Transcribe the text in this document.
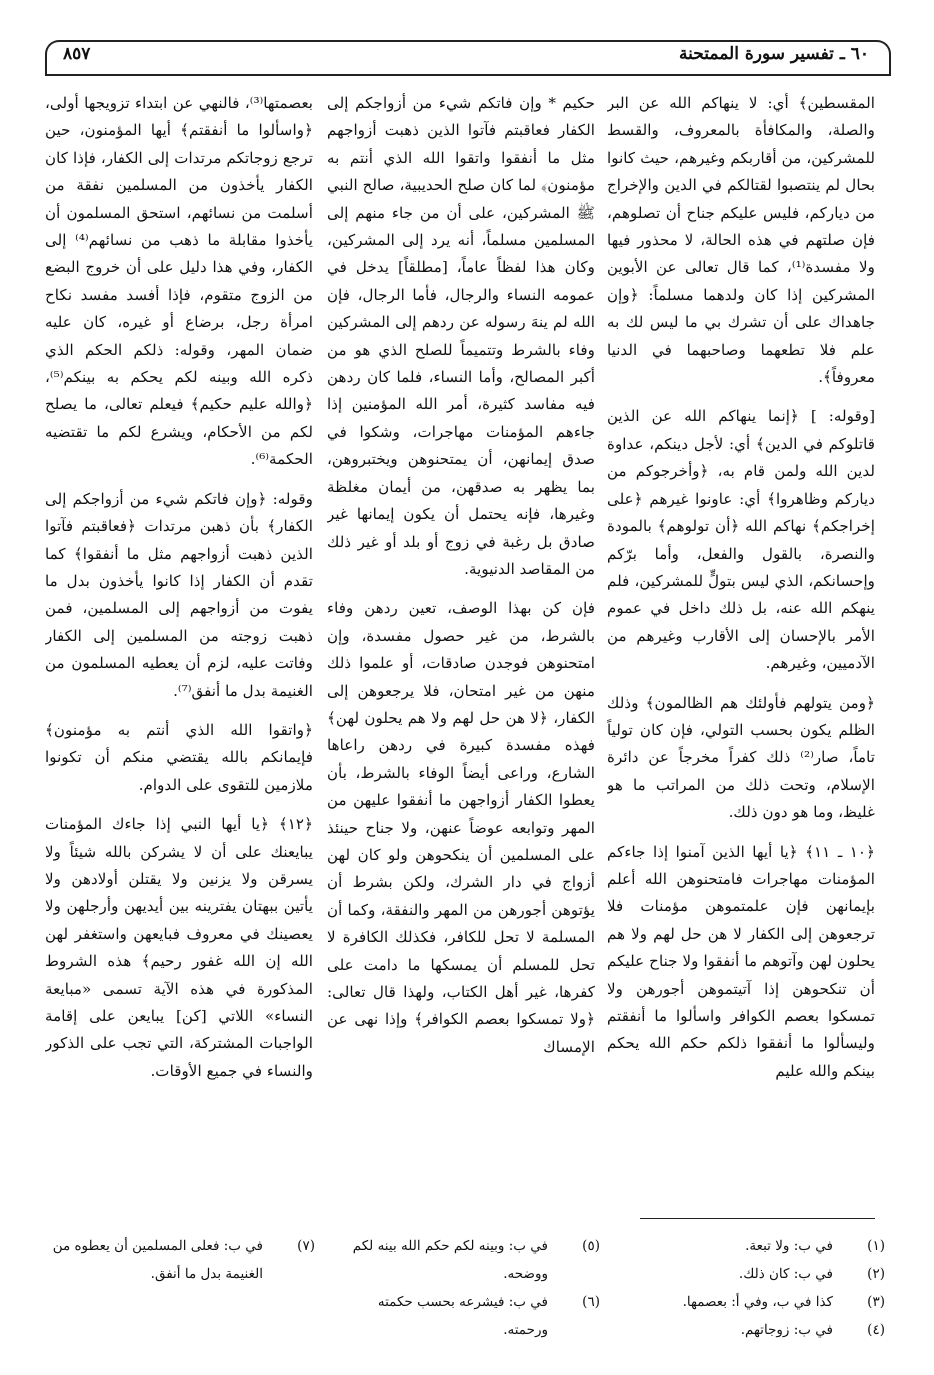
٨٥٧	٦٠ ـ تفسير سورة الممتحنة

المقسطين﴾ أي: لا ينهاكم الله عن البر والصلة، والمكافأة بالمعروف، والقسط للمشركين، من أقاربكم وغيرهم، حيث كانوا بحال لم ينتصبوا لقتالكم في الدين والإخراج من دياركم، فليس عليكم جناح أن تصلوهم، فإن صلتهم في هذه الحالة، لا محذور فيها ولا مفسدة⁽¹⁾، كما قال تعالى عن الأبوين المشركين إذا كان ولدهما مسلماً: ﴿وإن جاهداك على أن تشرك بي ما ليس لك به علم فلا تطعهما وصاحبهما في الدنيا معروفاً﴾.

[وقوله: ] ﴿إنما ينهاكم الله عن الذين قاتلوكم في الدين﴾ أي: لأجل دينكم، عداوة لدين الله ولمن قام به، ﴿وأخرجوكم من دياركم وظاهروا﴾ أي: عاونوا غيرهم ﴿على إخراجكم﴾ نهاكم الله ﴿أن تولوهم﴾ بالمودة والنصرة، بالقول والفعل، وأما برّكم وإحسانكم، الذي ليس بتولٍّ للمشركين، فلم ينهكم الله عنه، بل ذلك داخل في عموم الأمر بالإحسان إلى الأقارب وغيرهم من الآدميين، وغيرهم.

﴿ومن يتولهم فأولئك هم الظالمون﴾ وذلك الظلم يكون بحسب التولي، فإن كان تولياً تاماً، صار⁽²⁾ ذلك كفراً مخرجاً عن دائرة الإسلام، وتحت ذلك من المراتب ما هو غليظ، وما هو دون ذلك.

﴿١٠ ـ ١١﴾ ﴿يا أيها الذين آمنوا إذا جاءكم المؤمنات مهاجرات فامتحنوهن الله أعلم بإيمانهن فإن علمتموهن مؤمنات فلا ترجعوهن إلى الكفار لا هن حل لهم ولا هم يحلون لهن وآتوهم ما أنفقوا ولا جناح عليكم أن تنكحوهن إذا آتيتموهن أجورهن ولا تمسكوا بعصم الكوافر واسألوا ما أنفقتم وليسألوا ما أنفقوا ذلكم حكم الله يحكم بينكم والله عليم

حكيم * وإن فاتكم شيء من أزواجكم إلى الكفار فعاقبتم فآتوا الذين ذهبت أزواجهم مثل ما أنفقوا واتقوا الله الذي أنتم به مؤمنون﴾ لما كان صلح الحديبية، صالح النبي ﷺ المشركين، على أن من جاء منهم إلى المسلمين مسلماً، أنه يرد إلى المشركين، وكان هذا لفظاً عاماً، [مطلقاً] يدخل في عمومه النساء والرجال، فأما الرجال، فإن الله لم ينهَ رسوله عن ردهم إلى المشركين وفاء بالشرط وتتميماً للصلح الذي هو من أكبر المصالح، وأما النساء، فلما كان ردهن فيه مفاسد كثيرة، أمر الله المؤمنين إذا جاءهم المؤمنات مهاجرات، وشكوا في صدق إيمانهن، أن يمتحنوهن ويختبروهن، بما يظهر به صدقهن، من أيمان مغلظة وغيرها، فإنه يحتمل أن يكون إيمانها غير صادق بل رغبة في زوج أو بلد أو غير ذلك من المقاصد الدنيوية.

فإن كن بهذا الوصف، تعين ردهن وفاء بالشرط، من غير حصول مفسدة، وإن امتحنوهن فوجدن صادقات، أو علموا ذلك منهن من غير امتحان، فلا يرجعوهن إلى الكفار، ﴿لا هن حل لهم ولا هم يحلون لهن﴾ فهذه مفسدة كبيرة في ردهن راعاها الشارع، وراعى أيضاً الوفاء بالشرط، بأن يعطوا الكفار أزواجهن ما أنفقوا عليهن من المهر وتوابعه عوضاً عنهن، ولا جناح حينئذ على المسلمين أن ينكحوهن ولو كان لهن أزواج في دار الشرك، ولكن بشرط أن يؤتوهن أجورهن من المهر والنفقة، وكما أن المسلمة لا تحل للكافر، فكذلك الكافرة لا تحل للمسلم أن يمسكها ما دامت على كفرها، غير أهل الكتاب، ولهذا قال تعالى: ﴿ولا تمسكوا بعصم الكوافر﴾ وإذا نهى عن الإمساك

بعصمتها⁽³⁾، فالنهي عن ابتداء تزويجها أولى، ﴿واسألوا ما أنفقتم﴾ أيها المؤمنون، حين ترجع زوجاتكم مرتدات إلى الكفار، فإذا كان الكفار يأخذون من المسلمين نفقة من أسلمت من نسائهم، استحق المسلمون أن يأخذوا مقابلة ما ذهب من نسائهم⁽⁴⁾ إلى الكفار، وفي هذا دليل على أن خروج البضع من الزوج متقوم، فإذا أفسد مفسد نكاح امرأة رجل، برضاع أو غيره، كان عليه ضمان المهر، وقوله: ذلكم الحكم الذي ذكره الله وبينه لكم يحكم به بينكم⁽⁵⁾، ﴿والله عليم حكيم﴾ فيعلم تعالى، ما يصلح لكم من الأحكام، ويشرع لكم ما تقتضيه الحكمة⁽⁶⁾.

وقوله: ﴿وإن فاتكم شيء من أزواجكم إلى الكفار﴾ بأن ذهبن مرتدات ﴿فعاقبتم فآتوا الذين ذهبت أزواجهم مثل ما أنفقوا﴾ كما تقدم أن الكفار إذا كانوا يأخذون بدل ما يفوت من أزواجهم إلى المسلمين، فمن ذهبت زوجته من المسلمين إلى الكفار وفاتت عليه، لزم أن يعطيه المسلمون من الغنيمة بدل ما أنفق⁽⁷⁾.

﴿واتقوا الله الذي أنتم به مؤمنون﴾ فإيمانكم بالله يقتضي منكم أن تكونوا ملازمين للتقوى على الدوام.

﴿١٢﴾ ﴿يا أيها النبي إذا جاءك المؤمنات يبايعنك على أن لا يشركن بالله شيئاً ولا يسرقن ولا يزنين ولا يقتلن أولادهن ولا يأتين ببهتان يفترينه بين أيديهن وأرجلهن ولا يعصينك في معروف فبايعهن واستغفر لهن الله إن الله غفور رحيم﴾ هذه الشروط المذكورة في هذه الآية تسمى «مبايعة النساء» اللاتي [كن] يبايعن على إقامة الواجبات المشتركة، التي تجب على الذكور والنساء في جميع الأوقات.

(١)
في ب: ولا تبعة.
(٢)
في ب: كان ذلك.
(٣)
كذا في ب، وفي أ: بعصمها.
(٤)
في ب: زوجاتهم.
(٥)
في ب: وبينه لكم حكم الله بينه لكم ووضحه.
(٦)
في ب: فيشرعه بحسب حكمته ورحمته.
(٧)
في ب: فعلى المسلمين أن يعطوه من الغنيمة بدل ما أنفق.
